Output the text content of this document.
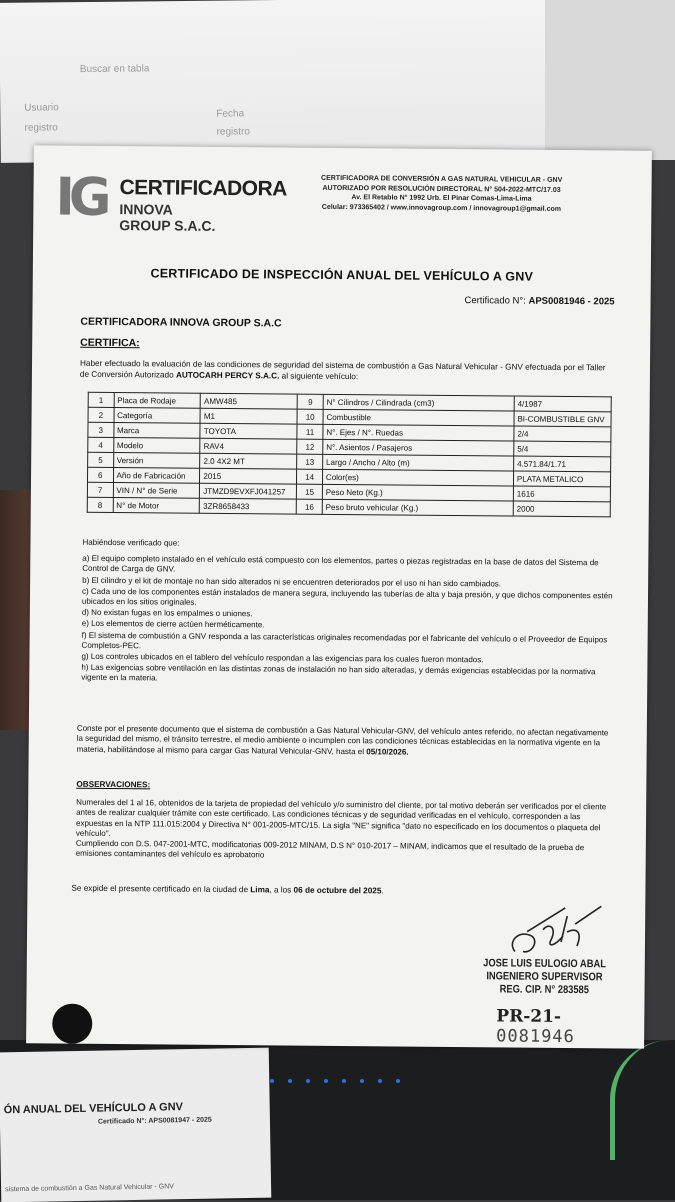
Buscar en tabla
Usuario
registro
Fecha
registro
ÓN ANUAL DEL VEHÍCULO A GNV
Certificado N°: APS0081947 - 2025
sistema de combustión a Gas Natural Vehicular - GNV
IG CERTIFICADORA
INNOVA GROUP S.A.C.
CERTIFICADORA DE CONVERSIÓN A GAS NATURAL VEHICULAR - GNV
AUTORIZADO POR RESOLUCIÓN DIRECTORAL N° 504-2022-MTC/17.03
Av. El Retablo N° 1992 Urb. El Pinar Comas-Lima-Lima
Celular: 973365402 / www.innovagroup.com / innovagroup1@gmail.com
CERTIFICADO DE INSPECCIÓN ANUAL DEL VEHÍCULO A GNV
Certificado N°: APS0081946 - 2025
CERTIFICADORA INNOVA GROUP S.A.C
CERTIFICA:
Haber efectuado la evaluación de las condiciones de seguridad del sistema de combustión a Gas Natural Vehicular - GNV efectuada por el Taller de Conversión Autorizado AUTOCARH PERCY S.A.C. al siguiente vehículo:
1	Placa de Rodaje	AMW485	9	N° Cilindros / Cilindrada (cm3)	4/1987
2	Categoría	M1	10	Combustible	BI-COMBUSTIBLE GNV
3	Marca	TOYOTA	11	N°. Ejes / N°. Ruedas	2/4
4	Modelo	RAV4	12	N°. Asientos / Pasajeros	5/4
5	Versión	2.0 4X2 MT	13	Largo / Ancho / Alto (m)	4.571.84/1.71
6	Año de Fabricación	2015	14	Color(es)	PLATA METALICO
7	VIN / N° de Serie	JTMZD9EVXFJ041257	15	Peso Neto (Kg.)	1616
8	N° de Motor	3ZR8658433	16	Peso bruto vehicular (Kg.)	2000

Habiéndose verificado que:

a) El equipo completo instalado en el vehículo está compuesto con los elementos, partes o piezas registradas en la base de datos del Sistema de Control de Carga de GNV.

b) El cilindro y el kit de montaje no han sido alterados ni se encuentren deteriorados por el uso ni han sido cambiados.

c) Cada uno de los componentes están instalados de manera segura, incluyendo las tuberías de alta y baja presión, y que dichos componentes estén ubicados en los sitios originales.

d) No existan fugas en los empalmes o uniones.

e) Los elementos de cierre actúen herméticamente.

f) El sistema de combustión a GNV responda a las características originales recomendadas por el fabricante del vehículo o el Proveedor de Equipos Completos-PEC.

g) Los controles ubicados en el tablero del vehículo respondan a las exigencias para los cuales fueron montados.

h) Las exigencias sobre ventilación en las distintas zonas de instalación no han sido alteradas, y demás exigencias establecidas por la normativa vigente en la materia.

Conste por el presente documento que el sistema de combustión a Gas Natural Vehicular-GNV, del vehículo antes referido, no afectan negativamente la seguridad del mismo, el tránsito terrestre, el medio ambiente o incumplen con las condiciones técnicas establecidas en la normativa vigente en la materia, habilitándose al mismo para cargar Gas Natural Vehicular-GNV, hasta el 05/10/2026.
OBSERVACIONES:

Numerales del 1 al 16, obtenidos de la tarjeta de propiedad del vehículo y/o suministro del cliente, por tal motivo deberán ser verificados por el cliente antes de realizar cualquier trámite con este certificado. Las condiciones técnicas y de seguridad verificadas en el vehículo, corresponden a las expuestas en la NTP 111.015:2004 y Directiva N° 001-2005-MTC/15. La sigla "NE" significa "dato no especificado en los documentos o plaqueta del vehículo".

Cumpliendo con D.S. 047-2001-MTC, modificatorias 009-2012 MINAM, D.S N° 010-2017 – MINAM, indicamos que el resultado de la prueba de emisiones contaminantes del vehículo es aprobatorio

Se expide el presente certificado en la ciudad de Lima, a los 06 de octubre del 2025.
JOSE LUIS EULOGIO ABAL
INGENIERO SUPERVISOR
REG. CIP. N° 283585
PR-21- 0081946
